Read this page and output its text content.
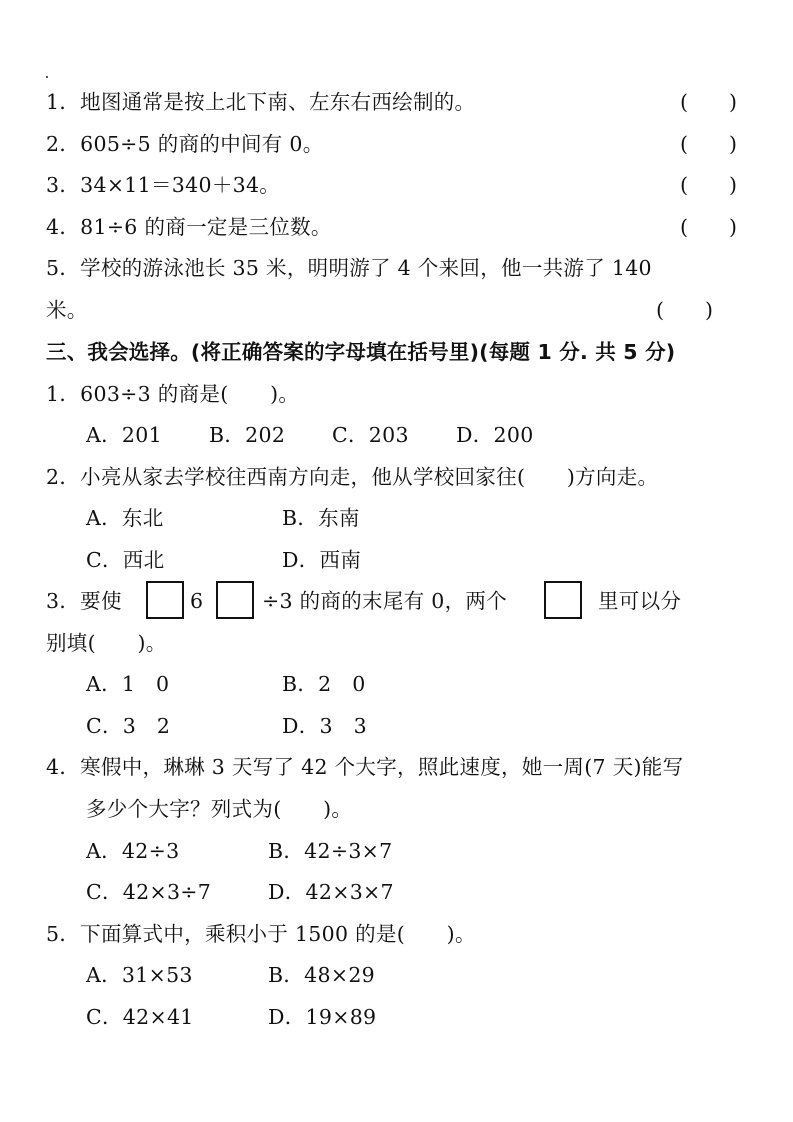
1．地图通常是按上北下南、左东右西绘制的。	(　　)
2．605÷5 的商的中间有 0。	(　　)
3．34×11＝340＋34。	(　　)
4．81÷6 的商一定是三位数。	(　　)
5．学校的游泳池长 35 米，明明游了 4 个来回，他一共游了 140
米。	(　　)
三、我会选择。(将正确答案的字母填在括号里)(每题 1 分. 共 5 分)
1．603÷3 的商是(　　)。
A．201 B．202 C．203 D．200
2．小亮从家去学校往西南方向走，他从学校回家往(　　)方向走。
A．东北	B．东南
C．西北	D．西南
3．要使	6	÷3 的商的末尾有 0，两个	里可以分
别填(　　)。
A．1　0	B．2　0
C．3　2	D．3　3
4．寒假中，琳琳 3 天写了 42 个大字，照此速度，她一周(7 天)能写
多少个大字？列式为(　　)。
A．42÷3	B．42÷3×7
C．42×3÷7	D．42×3×7
5．下面算式中，乘积小于 1500 的是(　　)。
A．31×53	B．48×29
C．42×41	D．19×89
